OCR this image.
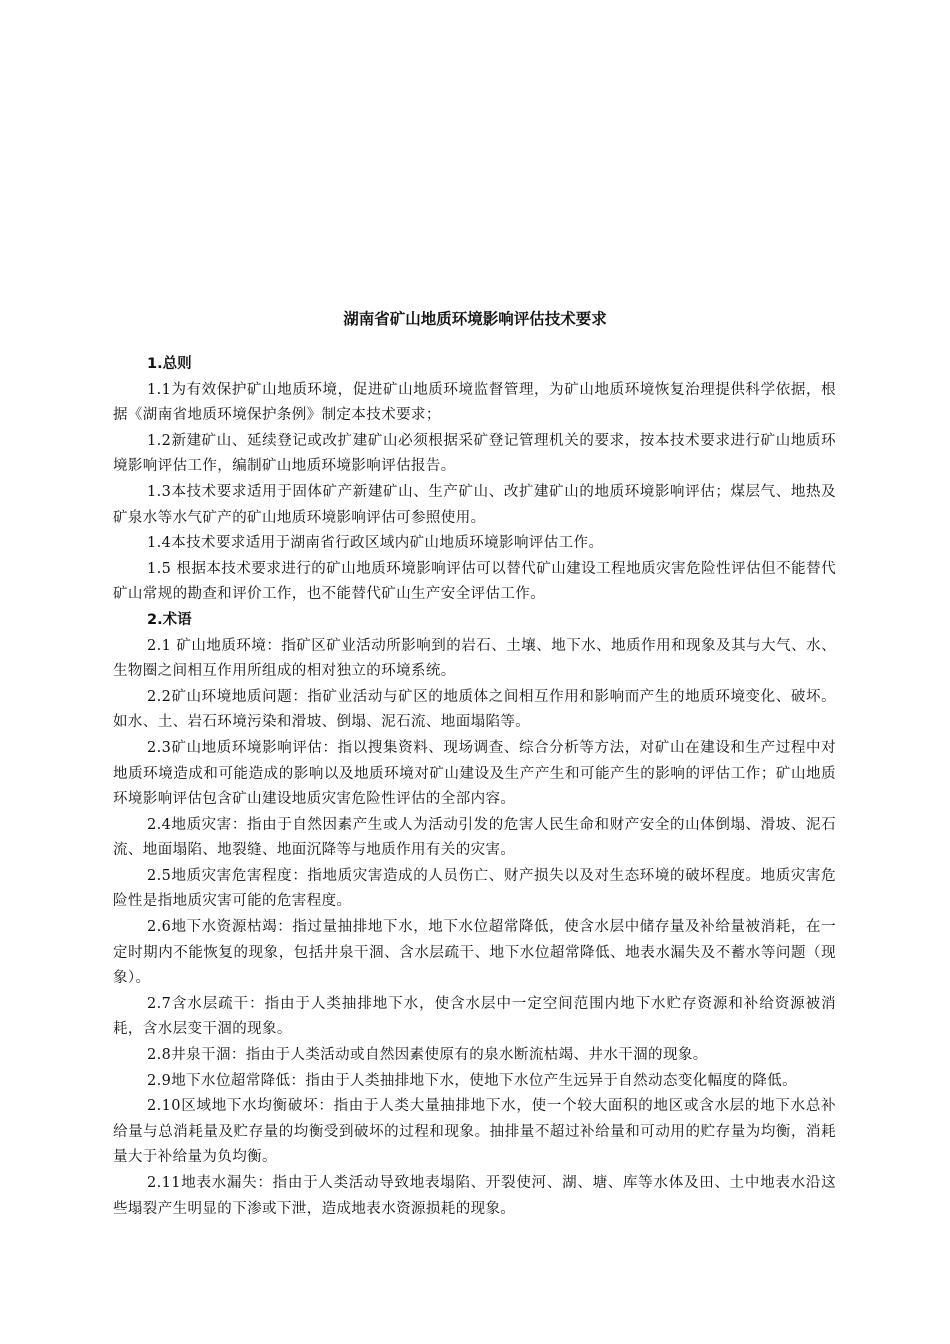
湖南省矿山地质环境影响评估技术要求

1.总则

1.1为有效保护矿山地质环境，促进矿山地质环境监督管理，为矿山地质环境恢复治理提供科学依据，根据《湖南省地质环境保护条例》制定本技术要求；

1.2新建矿山、延续登记或改扩建矿山必须根据采矿登记管理机关的要求，按本技术要求进行矿山地质环境影响评估工作，编制矿山地质环境影响评估报告。

1.3本技术要求适用于固体矿产新建矿山、生产矿山、改扩建矿山的地质环境影响评估；煤层气、地热及矿泉水等水气矿产的矿山地质环境影响评估可参照使用。

1.4本技术要求适用于湖南省行政区域内矿山地质环境影响评估工作。

1.5 根据本技术要求进行的矿山地质环境影响评估可以替代矿山建设工程地质灾害危险性评估但不能替代矿山常规的勘查和评价工作，也不能替代矿山生产安全评估工作。

2.术语

2.1 矿山地质环境：指矿区矿业活动所影响到的岩石、土壤、地下水、地质作用和现象及其与大气、水、生物圈之间相互作用所组成的相对独立的环境系统。

2.2矿山环境地质问题：指矿业活动与矿区的地质体之间相互作用和影响而产生的地质环境变化、破坏。如水、土、岩石环境污染和滑坡、倒塌、泥石流、地面塌陷等。

2.3矿山地质环境影响评估：指以搜集资料、现场调查、综合分析等方法，对矿山在建设和生产过程中对地质环境造成和可能造成的影响以及地质环境对矿山建设及生产产生和可能产生的影响的评估工作；矿山地质环境影响评估包含矿山建设地质灾害危险性评估的全部内容。

2.4地质灾害：指由于自然因素产生或人为活动引发的危害人民生命和财产安全的山体倒塌、滑坡、泥石流、地面塌陷、地裂缝、地面沉降等与地质作用有关的灾害。

2.5地质灾害危害程度：指地质灾害造成的人员伤亡、财产损失以及对生态环境的破坏程度。地质灾害危险性是指地质灾害可能的危害程度。

2.6地下水资源枯竭：指过量抽排地下水，地下水位超常降低，使含水层中储存量及补给量被消耗，在一定时期内不能恢复的现象，包括井泉干涸、含水层疏干、地下水位超常降低、地表水漏失及不蓄水等问题（现象）。

2.7含水层疏干：指由于人类抽排地下水，使含水层中一定空间范围内地下水贮存资源和补给资源被消耗，含水层变干涸的现象。

2.8井泉干涸：指由于人类活动或自然因素使原有的泉水断流枯竭、井水干涸的现象。

2.9地下水位超常降低：指由于人类抽排地下水，使地下水位产生远异于自然动态变化幅度的降低。

2.10区域地下水均衡破坏：指由于人类大量抽排地下水，使一个较大面积的地区或含水层的地下水总补给量与总消耗量及贮存量的均衡受到破坏的过程和现象。抽排量不超过补给量和可动用的贮存量为均衡，消耗量大于补给量为负均衡。

2.11地表水漏失：指由于人类活动导致地表塌陷、开裂使河、湖、塘、库等水体及田、土中地表水沿这些塌裂产生明显的下渗或下泄，造成地表水资源损耗的现象。
